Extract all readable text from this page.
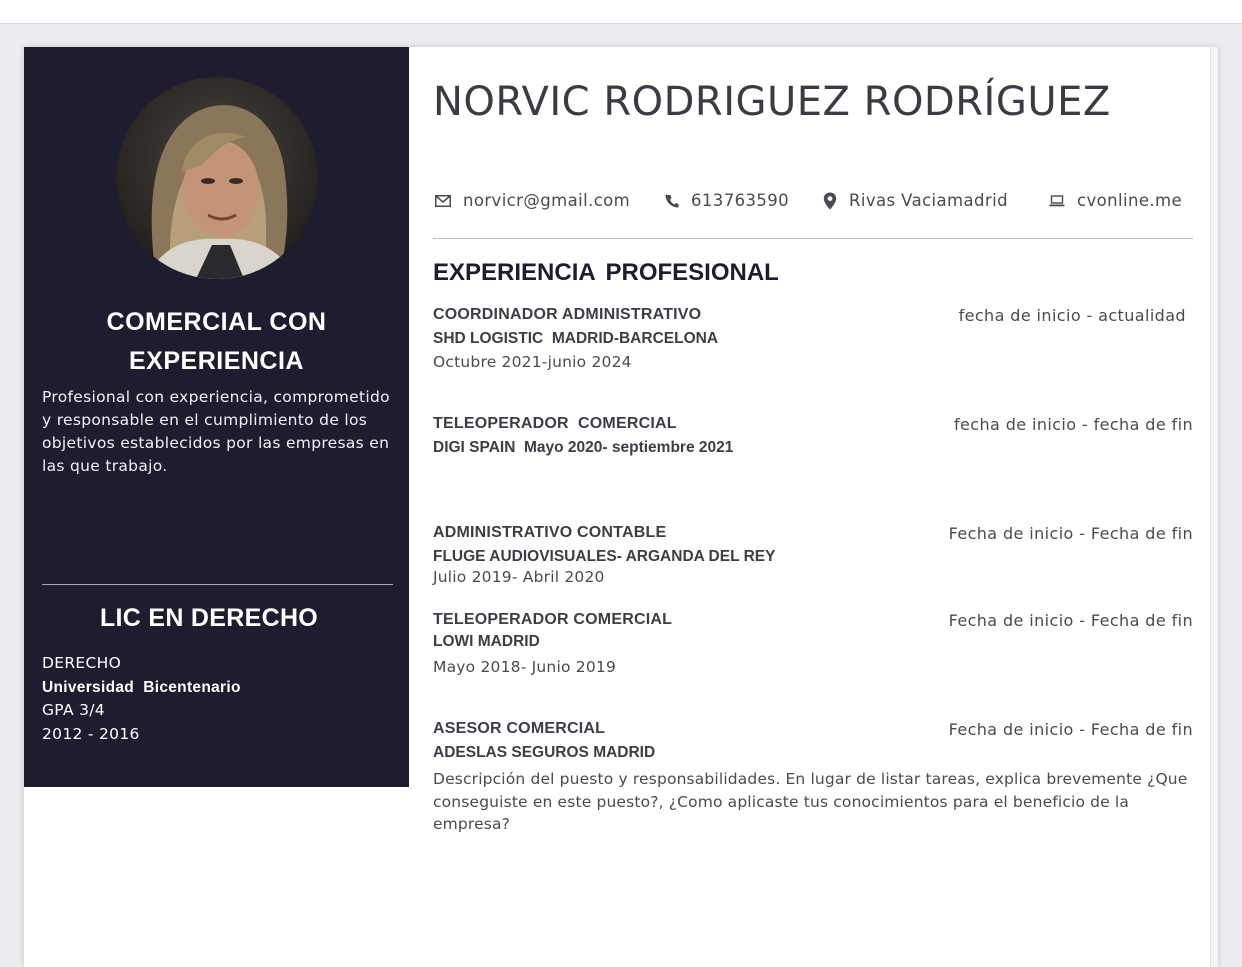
COMERCIAL CON
EXPERIENCIA
Profesional con experiencia, comprometido y responsable en el cumplimiento de los objetivos establecidos por las empresas en las que trabajo.
LIC EN DERECHO
DERECHO
Universidad  Bicentenario
GPA 3/4
2012 - 2016
NORVIC RODRIGUEZ RODRÍGUEZ
norvicr@gmail.com	613763590	Rivas Vaciamadrid	cvonline.me
EXPERIENCIA PROFESIONAL
COORDINADOR ADMINISTRATIVO	fecha de inicio - actualidad
SHD LOGISTIC  MADRID-BARCELONA
Octubre 2021-junio 2024
TELEOPERADOR  COMERCIAL	fecha de inicio - fecha de fin
DIGI SPAIN  Mayo 2020- septiembre 2021
ADMINISTRATIVO CONTABLE	Fecha de inicio - Fecha de fin
FLUGE AUDIOVISUALES- ARGANDA DEL REY
Julio 2019- Abril 2020
TELEOPERADOR COMERCIAL	Fecha de inicio - Fecha de fin
LOWI MADRID
Mayo 2018- Junio 2019
ASESOR COMERCIAL	Fecha de inicio - Fecha de fin
ADESLAS SEGUROS MADRID
Descripción del puesto y responsabilidades. En lugar de listar tareas, explica brevemente ¿Que conseguiste en este puesto?, ¿Como aplicaste tus conocimientos para el beneficio de la empresa?
